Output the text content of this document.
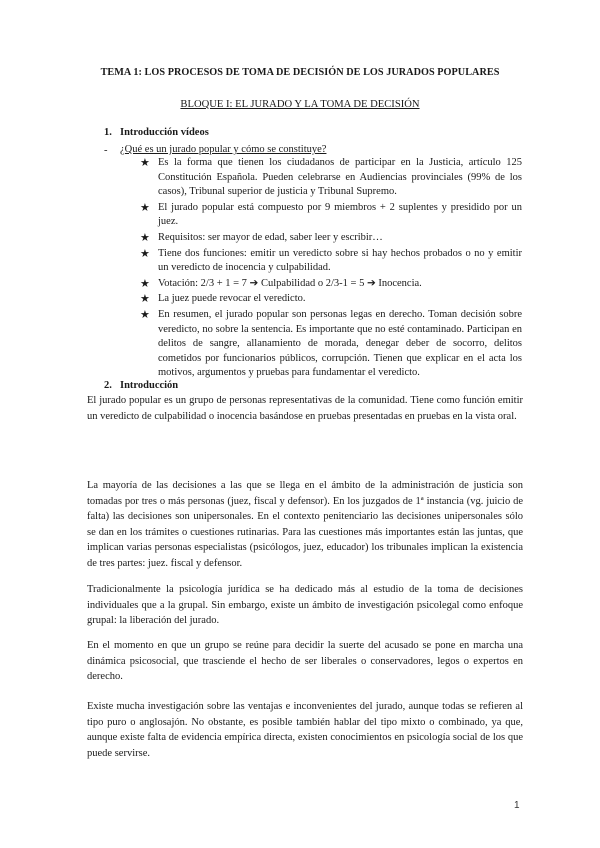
TEMA 1: LOS PROCESOS DE TOMA DE DECISIÓN DE LOS JURADOS POPULARES
BLOQUE I: EL JURADO Y LA TOMA DE DECISIÓN
1. Introducción vídeos
- ¿Qué es un jurado popular y cómo se constituye?
★ Es la forma que tienen los ciudadanos de participar en la Justicia, artículo 125 Constitución Española. Pueden celebrarse en Audiencias provinciales (99% de los casos), Tribunal superior de justicia y Tribunal Supremo.
★ El jurado popular está compuesto por 9 miembros + 2 suplentes y presidido por un juez.
★ Requisitos: ser mayor de edad, saber leer y escribir…
★ Tiene dos funciones: emitir un veredicto sobre si hay hechos probados o no y emitir un veredicto de inocencia y culpabilidad.
★ Votación: 2/3 + 1 = 7 ➔ Culpabilidad o 2/3-1 = 5 ➔ Inocencia.
★ La juez puede revocar el veredicto.
★ En resumen, el jurado popular son personas legas en derecho. Toman decisión sobre veredicto, no sobre la sentencia. Es importante que no esté contaminado. Participan en delitos de sangre, allanamiento de morada, denegar deber de socorro, delitos cometidos por funcionarios públicos, corrupción. Tienen que explicar en el acta los motivos, argumentos y pruebas para fundamentar el veredicto.
2. Introducción

El jurado popular es un grupo de personas representativas de la comunidad. Tiene como función emitir un veredicto de culpabilidad o inocencia basándose en pruebas presentadas en pruebas en la vista oral.

La mayoría de las decisiones a las que se llega en el ámbito de la administración de justicia son tomadas por tres o más personas (juez, fiscal y defensor). En los juzgados de 1ª instancia (vg. juicio de falta) las decisiones son unipersonales. En el contexto penitenciario las decisiones unipersonales sólo se dan en los trámites o cuestiones rutinarias. Para las cuestiones más importantes están las juntas, que implican varias personas especialistas (psicólogos, juez, educador) los tribunales implican la existencia de tres partes: juez. fiscal y defensor.

Tradicionalmente la psicología jurídica se ha dedicado más al estudio de la toma de decisiones individuales que a la grupal. Sin embargo, existe un ámbito de investigación psicolegal como enfoque grupal: la liberación del jurado.

En el momento en que un grupo se reúne para decidir la suerte del acusado se pone en marcha una dinámica psicosocial, que trasciende el hecho de ser liberales o conservadores, legos o expertos en derecho.

Existe mucha investigación sobre las ventajas e inconvenientes del jurado, aunque todas se refieren al tipo puro o anglosajón. No obstante, es posible también hablar del tipo mixto o combinado, ya que, aunque existe falta de evidencia empírica directa, existen conocimientos en psicología social de los que puede servirse.

1
